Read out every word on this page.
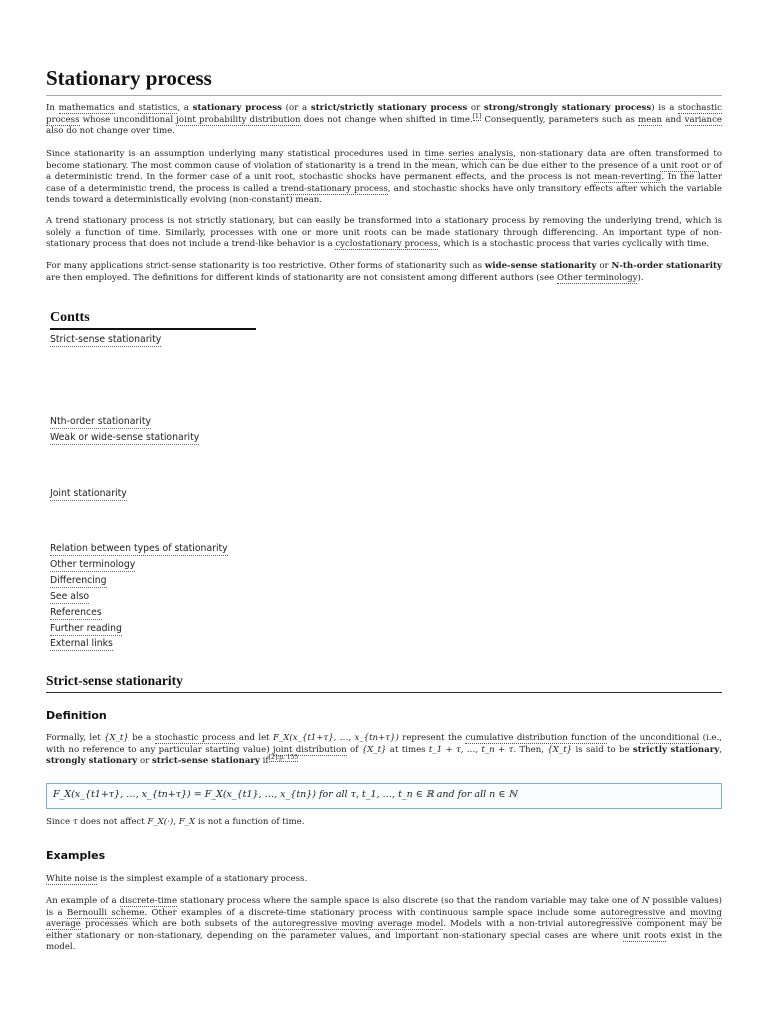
Stationary process

In mathematics and statistics, a stationary process (or a strict/strictly stationary process or strong/strongly stationary process) is a stochastic process whose unconditional joint probability distribution does not change when shifted in time.[1] Consequently, parameters such as mean and variance also do not change over time.

Since stationarity is an assumption underlying many statistical procedures used in time series analysis, non-stationary data are often transformed to become stationary. The most common cause of violation of stationarity is a trend in the mean, which can be due either to the presence of a unit root or of a deterministic trend. In the former case of a unit root, stochastic shocks have permanent effects, and the process is not mean-reverting. In the latter case of a deterministic trend, the process is called a trend-stationary process, and stochastic shocks have only transitory effects after which the variable tends toward a deterministically evolving (non-constant) mean.

A trend stationary process is not strictly stationary, but can easily be transformed into a stationary process by removing the underlying trend, which is solely a function of time. Similarly, processes with one or more unit roots can be made stationary through differencing. An important type of non-stationary process that does not include a trend-like behavior is a cyclostationary process, which is a stochastic process that varies cyclically with time.

For many applications strict-sense stationarity is too restrictive. Other forms of stationarity such as wide-sense stationarity or N-th-order stationarity are then employed. The definitions for different kinds of stationarity are not consistent among different authors (see Other terminology).

Contts
Strict-sense stationarity
Nth-order stationarity
Weak or wide-sense stationarity
Joint stationarity
Relation between types of stationarity
Other terminology
Differencing
See also
References
Further reading
External links
Strict-sense stationarity
Definition

Formally, let {X_t} be a stochastic process and let F_X(x_{t1+τ}, …, x_{tn+τ}) represent the cumulative distribution function of the unconditional (i.e., with no reference to any particular starting value) joint distribution of {X_t} at times t_1 + τ, …, t_n + τ. Then, {X_t} is said to be strictly stationary, strongly stationary or strict-sense stationary $if^{[2]:p. 155}$

F_X(x_{t1+τ}, …, x_{tn+τ}) = F_X(x_{t1}, …, x_{tn}) for all τ, t_1, …, t_n ∈ ℝ and for all n ∈ ℕ

Since τ does not affect F_X(·), F_X is not a function of time.

Examples

White noise is the simplest example of a stationary process.

An example of a discrete-time stationary process where the sample space is also discrete (so that the random variable may take one of N possible values) is a Bernoulli scheme. Other examples of a discrete-time stationary process with continuous sample space include some autoregressive and moving average processes which are both subsets of the autoregressive moving average model. Models with a non-trivial autoregressive component may be either stationary or non-stationary, depending on the parameter values, and important non-stationary special cases are where unit roots exist in the model.
